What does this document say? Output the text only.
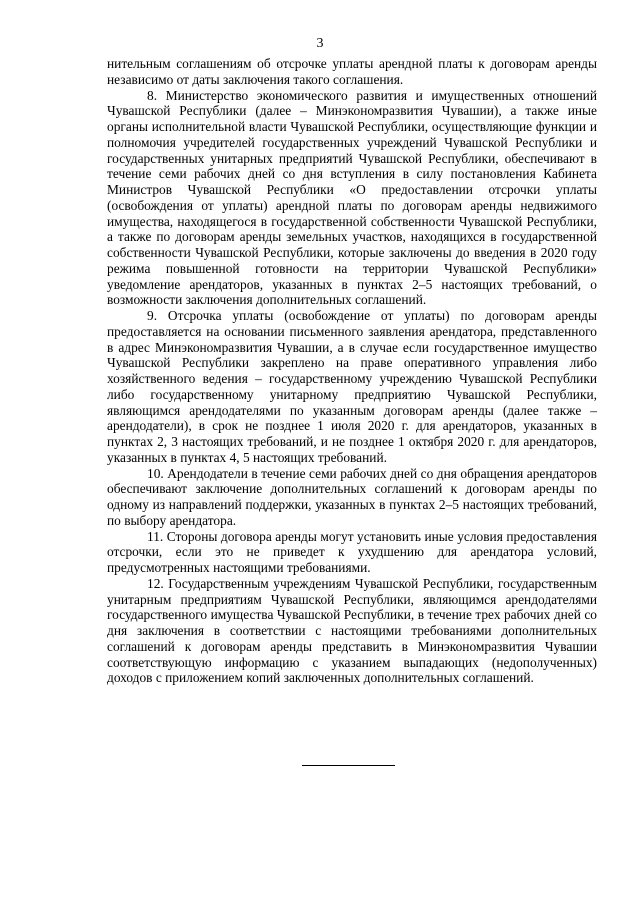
3

нительным соглашениям об отсрочке уплаты арендной платы к договорам аренды независимо от даты заключения такого соглашения.

8. Министерство экономического развития и имущественных отношений Чувашской Республики (далее – Минэкономразвития Чувашии), а также иные органы исполнительной власти Чувашской Республики, осуществляющие функции и полномочия учредителей государственных учреждений Чувашской Республики и государственных унитарных предприятий Чувашской Республики, обеспечивают в течение семи рабочих дней со дня вступления в силу постановления Кабинета Министров Чувашской Республики «О предоставлении отсрочки уплаты (освобождения от уплаты) арендной платы по договорам аренды недвижимого имущества, находящегося в государственной собственности Чувашской Республики, а также по договорам аренды земельных участков, находящихся в государственной собственности Чувашской Республики, которые заключены до введения в 2020 году режима повышенной готовности на территории Чувашской Республики» уведомление арендаторов, указанных в пунктах 2–5 настоящих требований, о возможности заключения дополнительных соглашений.

9. Отсрочка уплаты (освобождение от уплаты) по договорам аренды предоставляется на основании письменного заявления арендатора, представленного в адрес Минэкономразвития Чувашии, а в случае если государственное имущество Чувашской Республики закреплено на праве оперативного управления либо хозяйственного ведения – государственному учреждению Чувашской Республики либо государственному унитарному предприятию Чувашской Республики, являющимся арендодателями по указанным договорам аренды (далее также – арендодатели), в срок не позднее 1 июля 2020 г. для арендаторов, указанных в пунктах 2, 3 настоящих требований, и не позднее 1 октября 2020 г. для арендаторов, указанных в пунктах 4, 5 настоящих требований.

10. Арендодатели в течение семи рабочих дней со дня обращения арендаторов обеспечивают заключение дополнительных соглашений к договорам аренды по одному из направлений поддержки, указанных в пунктах 2–5 настоящих требований, по выбору арендатора.

11. Стороны договора аренды могут установить иные условия предоставления отсрочки, если это не приведет к ухудшению для арендатора условий, предусмотренных настоящими требованиями.

12. Государственным учреждениям Чувашской Республики, государственным унитарным предприятиям Чувашской Республики, являющимся арендодателями государственного имущества Чувашской Республики, в течение трех рабочих дней со дня заключения в соответствии с настоящими требованиями дополнительных соглашений к договорам аренды представить в Минэкономразвития Чувашии соответствующую информацию с указанием выпадающих (недополученных) доходов с приложением копий заключенных дополнительных соглашений.
